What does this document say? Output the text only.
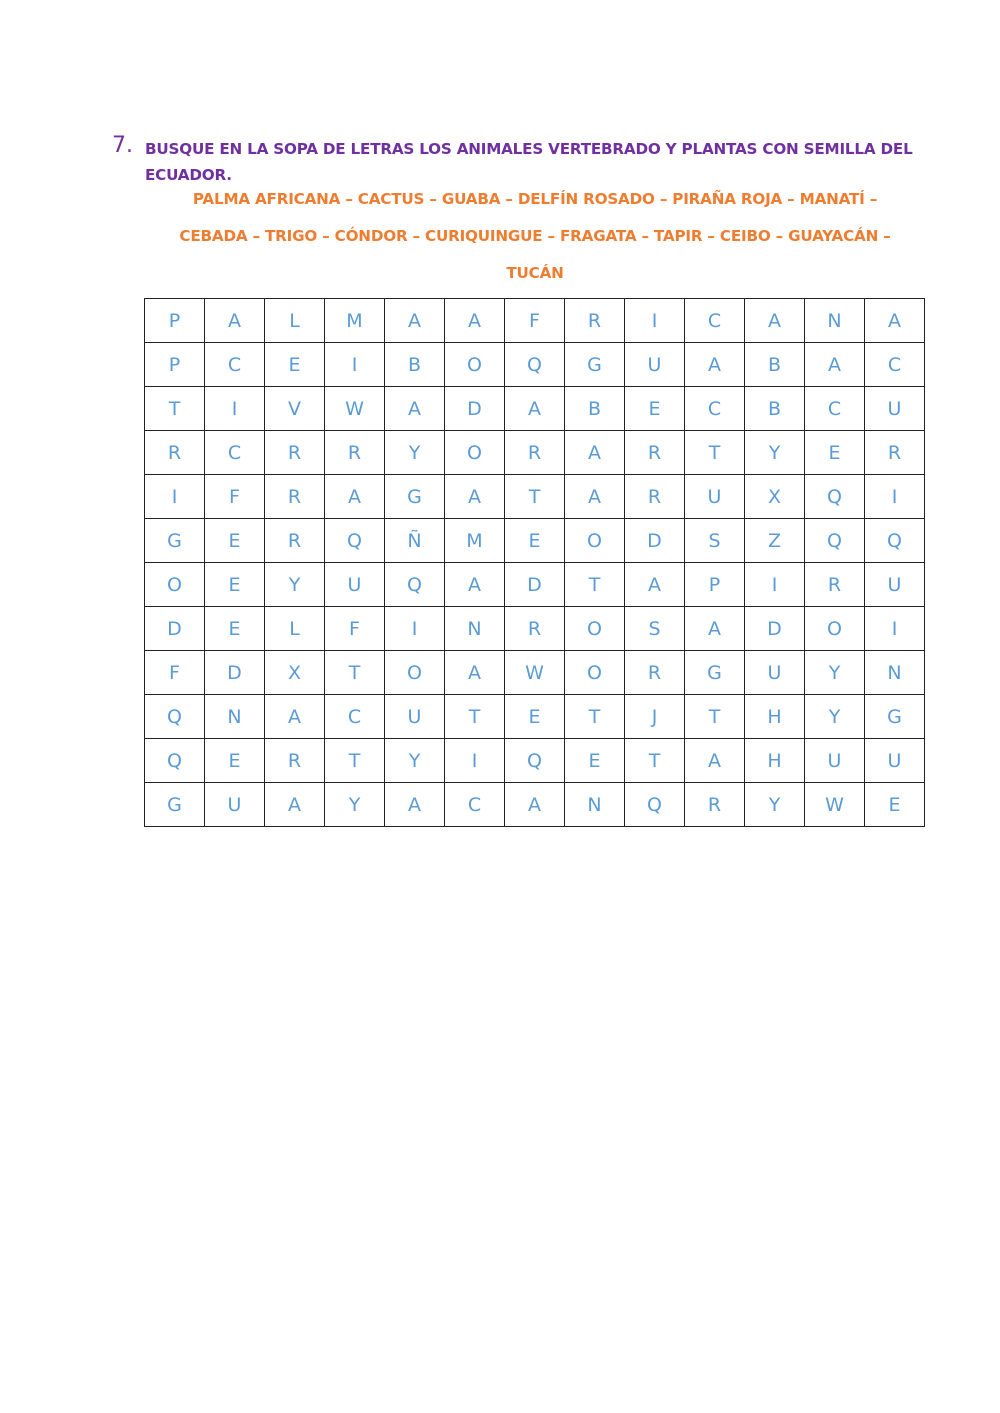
7. BUSQUE EN LA SOPA DE LETRAS LOS ANIMALES VERTEBRADO Y PLANTAS CON SEMILLA DEL ECUADOR.
PALMA AFRICANA – CACTUS – GUABA – DELFÍN ROSADO – PIRAÑA ROJA – MANATÍ –
CEBADA – TRIGO – CÓNDOR – CURIQUINGUE – FRAGATA – TAPIR – CEIBO – GUAYACÁN –
TUCÁN
P	A	L	M	A	A	F	R	I	C	A	N	A
P	C	E	I	B	O	Q	G	U	A	B	A	C
T	I	V	W	A	D	A	B	E	C	B	C	U
R	C	R	R	Y	O	R	A	R	T	Y	E	R
I	F	R	A	G	A	T	A	R	U	X	Q	I
G	E	R	Q	Ñ	M	E	O	D	S	Z	Q	Q
O	E	Y	U	Q	A	D	T	A	P	I	R	U
D	E	L	F	I	N	R	O	S	A	D	O	I
F	D	X	T	O	A	W	O	R	G	U	Y	N
Q	N	A	C	U	T	E	T	J	T	H	Y	G
Q	E	R	T	Y	I	Q	E	T	A	H	U	U
G	U	A	Y	A	C	A	N	Q	R	Y	W	E
